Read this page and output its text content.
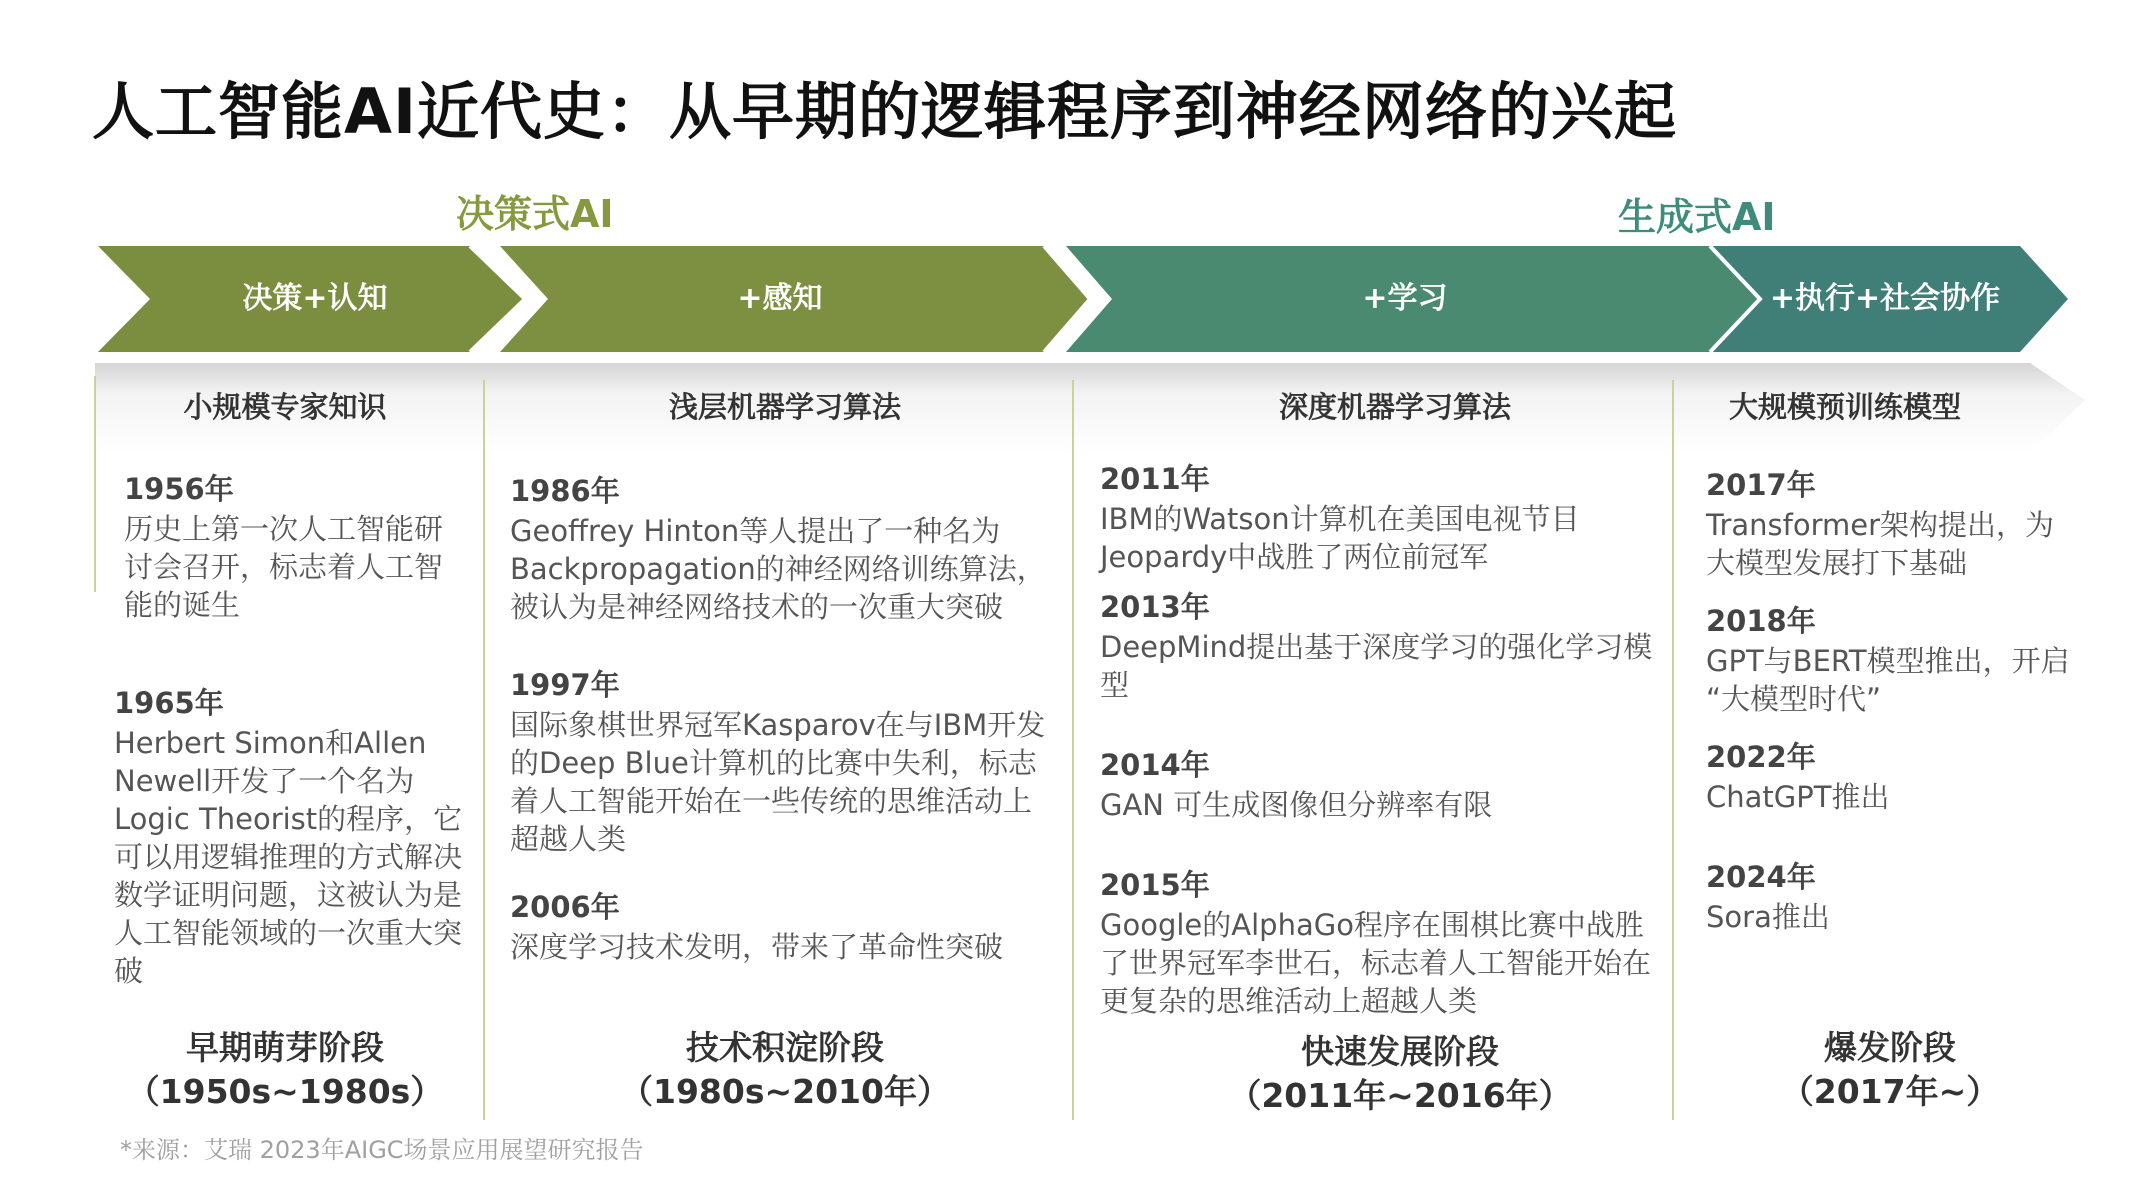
人工智能AI近代史：从早期的逻辑程序到神经网络的兴起
决策式AI	生成式AI
决策+认知	+感知	+学习	+执行+社会协作
小规模专家知识	浅层机器学习算法	深度机器学习算法	大规模预训练模型
1956年
历史上第一次人工智能研讨会召开，标志着人工智能的诞生
1965年
Herbert Simon和Allen Newell开发了一个名为Logic Theorist的程序，它可以用逻辑推理的方式解决数学证明问题，这被认为是人工智能领域的一次重大突破
1986年
Geoffrey Hinton等人提出了一种名为Backpropagation的神经网络训练算法，被认为是神经网络技术的一次重大突破
1997年
国际象棋世界冠军Kasparov在与IBM开发的Deep Blue计算机的比赛中失利，标志着人工智能开始在一些传统的思维活动上超越人类
2006年
深度学习技术发明，带来了革命性突破
2011年
IBM的Watson计算机在美国电视节目Jeopardy中战胜了两位前冠军
2013年
DeepMind提出基于深度学习的强化学习模型
2014年
GAN 可生成图像但分辨率有限
2015年
Google的AlphaGo程序在围棋比赛中战胜了世界冠军李世石，标志着人工智能开始在更复杂的思维活动上超越人类
2017年
Transformer架构提出，为大模型发展打下基础
2018年
GPT与BERT模型推出，开启 “大模型时代”
2022年
ChatGPT推出
2024年
Sora推出
早期萌芽阶段
（1950s~1980s）
技术积淀阶段
（1980s~2010年）
快速发展阶段
（2011年~2016年）
爆发阶段
（2017年~）
*来源：艾瑞 2023年AIGC场景应用展望研究报告
